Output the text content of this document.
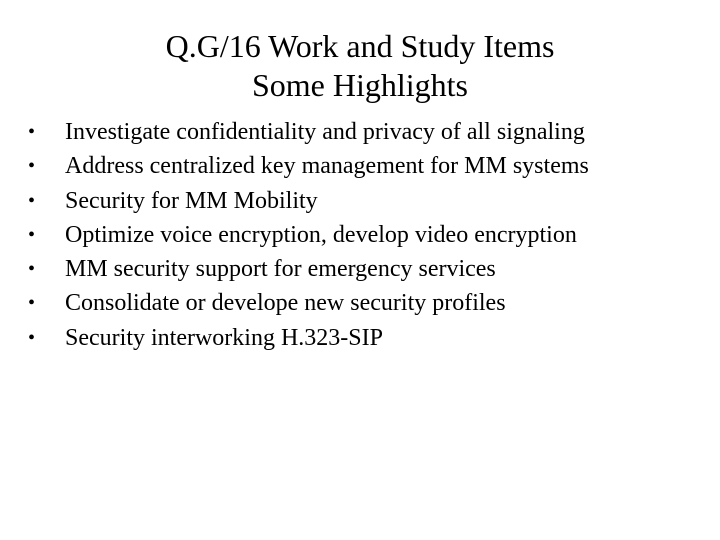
Q.G/16 Work and Study Items
Some Highlights
•	Investigate confidentiality and privacy of all signaling
•	Address centralized key management for MM systems
•	Security for MM Mobility
•	Optimize voice encryption, develop video encryption
•	MM security support for emergency services
•	Consolidate or develope new security profiles
•	Security interworking H.323-SIP
